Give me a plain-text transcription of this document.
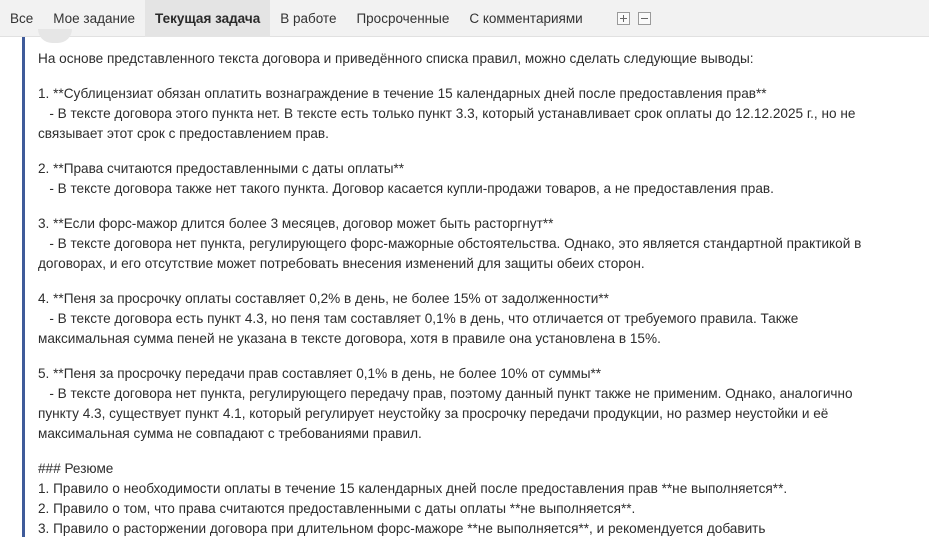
Все	Мое задание	Текущая задача	В работе	Просроченные	С комментариями
На основе представленного текста договора и приведённого списка правил, можно сделать следующие выводы:
1. **Сублицензиат обязан оплатить вознаграждение в течение 15 календарных дней после предоставления прав**
- В тексте договора этого пункта нет. В тексте есть только пункт 3.3, который устанавливает срок оплаты до 12.12.2025 г., но не
связывает этот срок с предоставлением прав.
2. **Права считаются предоставленными с даты оплаты**
- В тексте договора также нет такого пункта. Договор касается купли-продажи товаров, а не предоставления прав.
3. **Если форс-мажор длится более 3 месяцев, договор может быть расторгнут**
- В тексте договора нет пункта, регулирующего форс-мажорные обстоятельства. Однако, это является стандартной практикой в
договорах, и его отсутствие может потребовать внесения изменений для защиты обеих сторон.
4. **Пеня за просрочку оплаты составляет 0,2% в день, не более 15% от задолженности**
- В тексте договора есть пункт 4.3, но пеня там составляет 0,1% в день, что отличается от требуемого правила. Также
максимальная сумма пеней не указана в тексте договора, хотя в правиле она установлена в 15%.
5. **Пеня за просрочку передачи прав составляет 0,1% в день, не более 10% от суммы**
- В тексте договора нет пункта, регулирующего передачу прав, поэтому данный пункт также не применим. Однако, аналогично
пункту 4.3, существует пункт 4.1, который регулирует неустойку за просрочку передачи продукции, но размер неустойки и её
максимальная сумма не совпадают с требованиями правил.
### Резюме
1. Правило о необходимости оплаты в течение 15 календарных дней после предоставления прав **не выполняется**.
2. Правило о том, что права считаются предоставленными с даты оплаты **не выполняется**.
3. Правило о расторжении договора при длительном форс-мажоре **не выполняется**, и рекомендуется добавить
